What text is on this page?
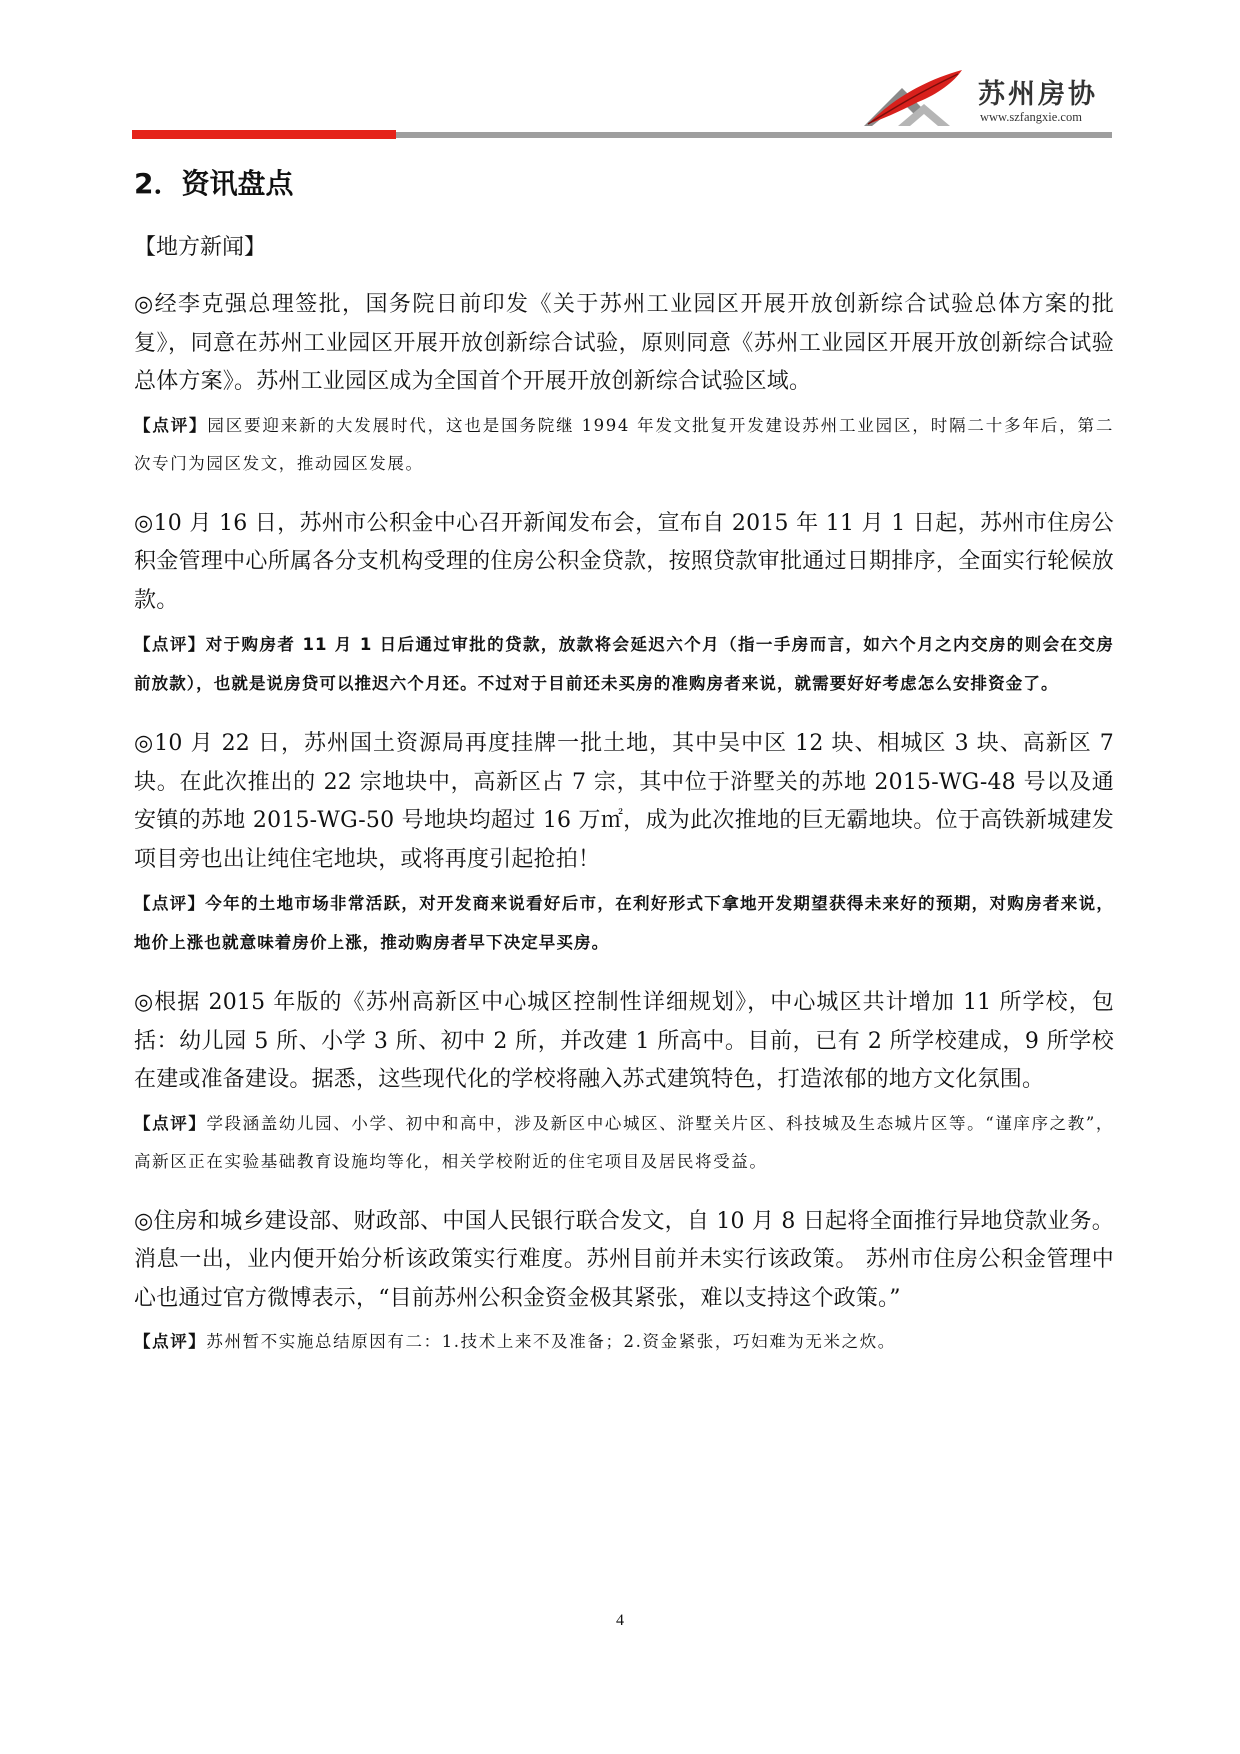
苏州房协
www.szfangxie.com
2．资讯盘点
【地方新闻】

◎经李克强总理签批，国务院日前印发《关于苏州工业园区开展开放创新综合试验总体方案的批复》，同意在苏州工业园区开展开放创新综合试验，原则同意《苏州工业园区开展开放创新综合试验总体方案》。苏州工业园区成为全国首个开展开放创新综合试验区域。

【点评】园区要迎来新的大发展时代，这也是国务院继 1994 年发文批复开发建设苏州工业园区，时隔二十多年后，第二次专门为园区发文，推动园区发展。

◎10 月 16 日，苏州市公积金中心召开新闻发布会，宣布自 2015 年 11 月 1 日起，苏州市住房公积金管理中心所属各分支机构受理的住房公积金贷款，按照贷款审批通过日期排序，全面实行轮候放款。

【点评】对于购房者 11 月 1 日后通过审批的贷款，放款将会延迟六个月（指一手房而言，如六个月之内交房的则会在交房前放款），也就是说房贷可以推迟六个月还。不过对于目前还未买房的准购房者来说，就需要好好考虑怎么安排资金了。

◎10 月 22 日，苏州国土资源局再度挂牌一批土地，其中吴中区 12 块、相城区 3 块、高新区 7 块。在此次推出的 22 宗地块中，高新区占 7 宗，其中位于浒墅关的苏地 2015-WG-48 号以及通安镇的苏地 2015-WG-50 号地块均超过 16 万㎡，成为此次推地的巨无霸地块。位于高铁新城建发项目旁也出让纯住宅地块，或将再度引起抢拍！

【点评】今年的土地市场非常活跃，对开发商来说看好后市，在利好形式下拿地开发期望获得未来好的预期，对购房者来说，地价上涨也就意味着房价上涨，推动购房者早下决定早买房。

◎根据 2015 年版的《苏州高新区中心城区控制性详细规划》，中心城区共计增加 11 所学校，包括：幼儿园 5 所、小学 3 所、初中 2 所，并改建 1 所高中。目前，已有 2 所学校建成，9 所学校在建或准备建设。据悉，这些现代化的学校将融入苏式建筑特色，打造浓郁的地方文化氛围。

【点评】学段涵盖幼儿园、小学、初中和高中，涉及新区中心城区、浒墅关片区、科技城及生态城片区等。“谨庠序之教”，高新区正在实验基础教育设施均等化，相关学校附近的住宅项目及居民将受益。

◎住房和城乡建设部、财政部、中国人民银行联合发文，自 10 月 8 日起将全面推行异地贷款业务。消息一出，业内便开始分析该政策实行难度。苏州目前并未实行该政策。 苏州市住房公积金管理中心也通过官方微博表示，“目前苏州公积金资金极其紧张，难以支持这个政策。”

【点评】苏州暂不实施总结原因有二：1.技术上来不及准备；2.资金紧张，巧妇难为无米之炊。

4
